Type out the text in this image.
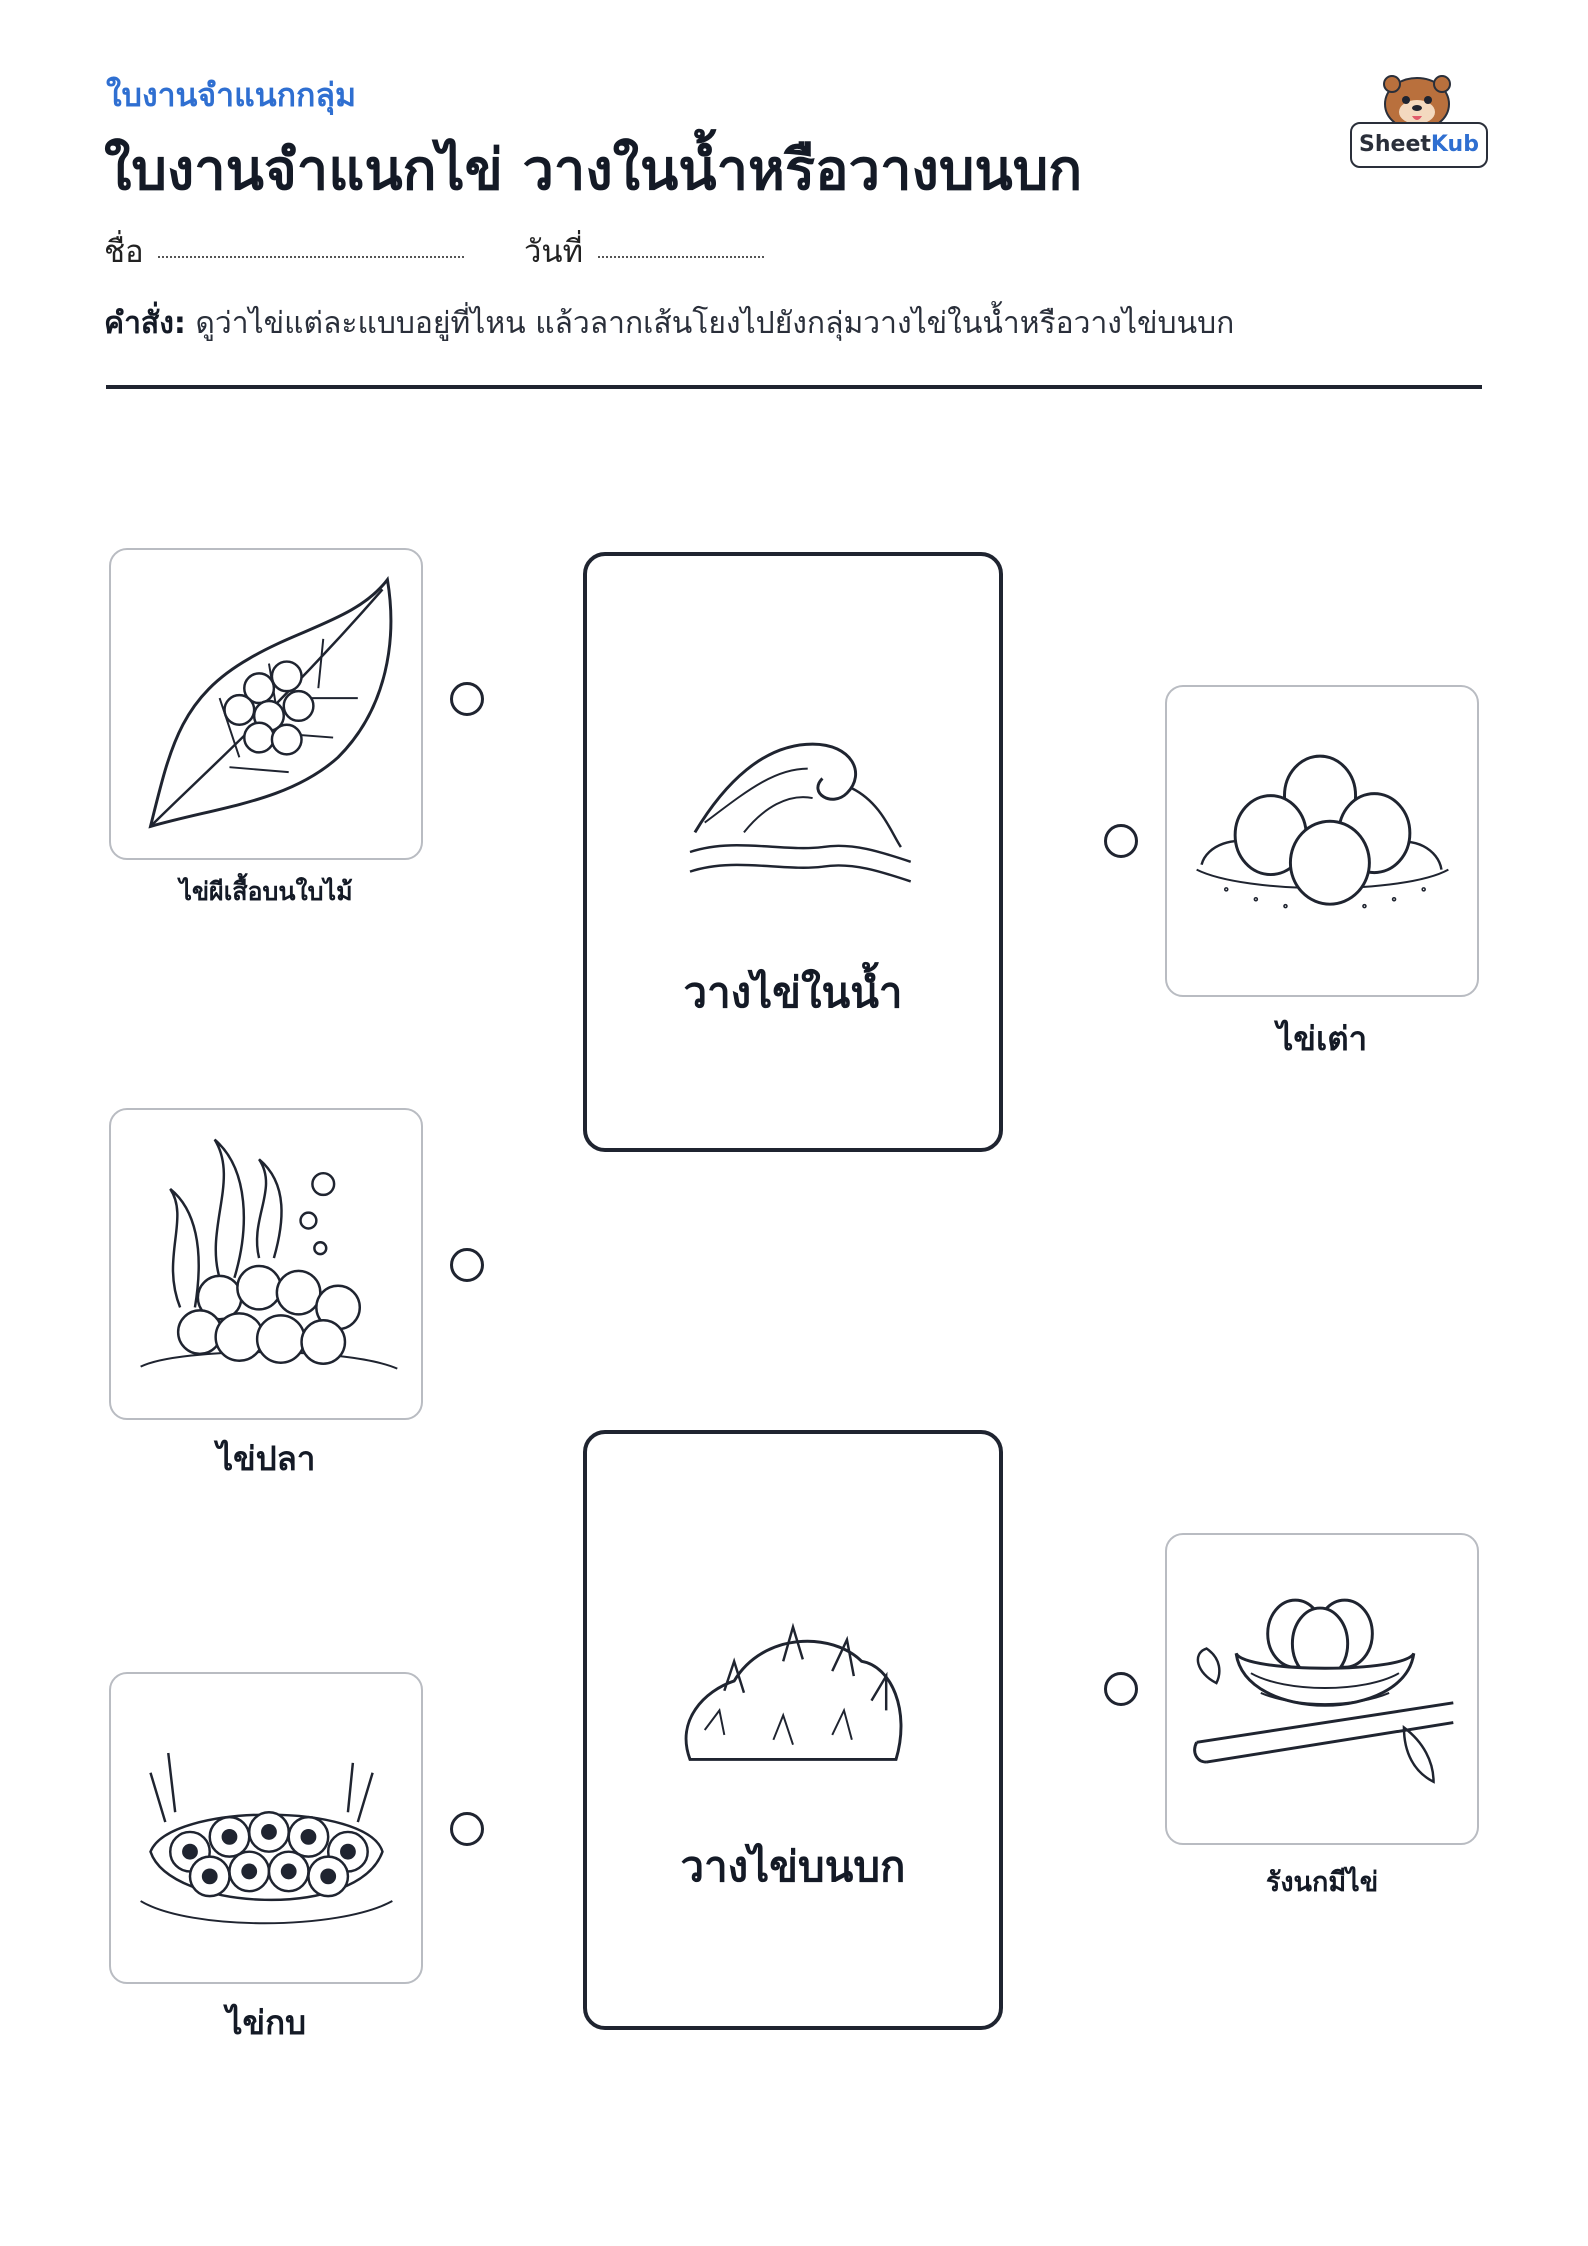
ใบงานจำแนกกลุ่ม
ใบงานจำแนกไข่ วางในน้ำหรือวางบนบก	SheetKub
ชื่อ	วันที่
คำสั่ง: ดูว่าไข่แต่ละแบบอยู่ที่ไหน แล้วลากเส้นโยงไปยังกลุ่มวางไข่ในน้ำหรือวางไข่บนบก
ไข่ผีเสื้อบนใบไม้
ไข่ปลา
ไข่กบ
วางไข่ในน้ำ
วางไข่บนบก
ไข่เต่า
รังนกมีไข่
